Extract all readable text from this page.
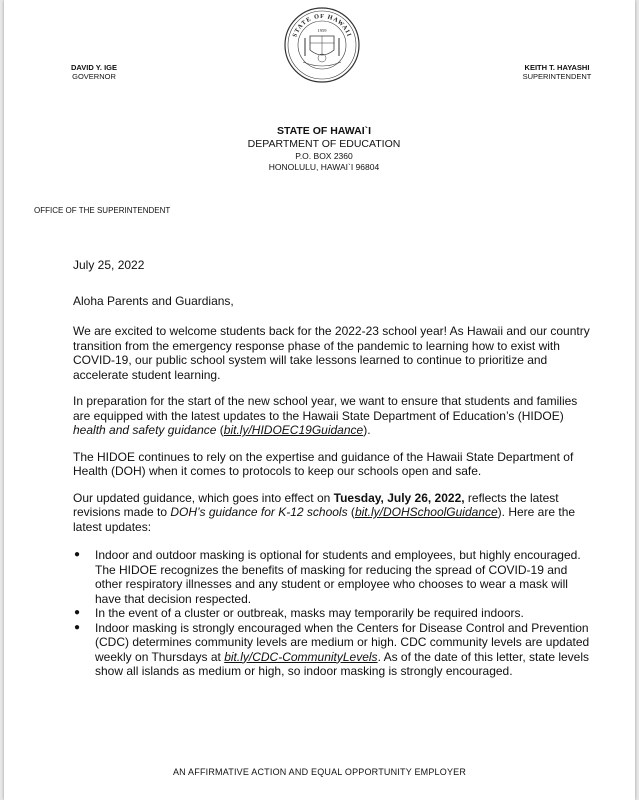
DAVID Y. IGE
GOVERNOR
STATE OF HAWAII
1959
KEITH T. HAYASHI
SUPERINTENDENT
STATE OF HAWAI`I
DEPARTMENT OF EDUCATION
P.O. BOX 2360
HONOLULU, HAWAI`I 96804
OFFICE OF THE SUPERINTENDENT

July 25, 2022

Aloha Parents and Guardians,

We are excited to welcome students back for the 2022-23 school year! As Hawaii and our country transition from the emergency response phase of the pandemic to learning how to exist with COVID-19, our public school system will take lessons learned to continue to prioritize and accelerate student learning.

In preparation for the start of the new school year, we want to ensure that students and families are equipped with the latest updates to the Hawaii State Department of Education’s (HIDOE) health and safety guidance (bit.ly/HIDOEC19Guidance).

The HIDOE continues to rely on the expertise and guidance of the Hawaii State Department of Health (DOH) when it comes to protocols to keep our schools open and safe.

Our updated guidance, which goes into effect on Tuesday, July 26, 2022, reflects the latest revisions made to DOH’s guidance for K-12 schools (bit.ly/DOHSchoolGuidance). Here are the latest updates:

● Indoor and outdoor masking is optional for students and employees, but highly encouraged. The HIDOE recognizes the benefits of masking for reducing the spread of COVID-19 and other respiratory illnesses and any student or employee who chooses to wear a mask will have that decision respected.
● In the event of a cluster or outbreak, masks may temporarily be required indoors.
● Indoor masking is strongly encouraged when the Centers for Disease Control and Prevention (CDC) determines community levels are medium or high. CDC community levels are updated weekly on Thursdays at bit.ly/CDC-CommunityLevels. As of the date of this letter, state levels show all islands as medium or high, so indoor masking is strongly encouraged.
AN AFFIRMATIVE ACTION AND EQUAL OPPORTUNITY EMPLOYER
